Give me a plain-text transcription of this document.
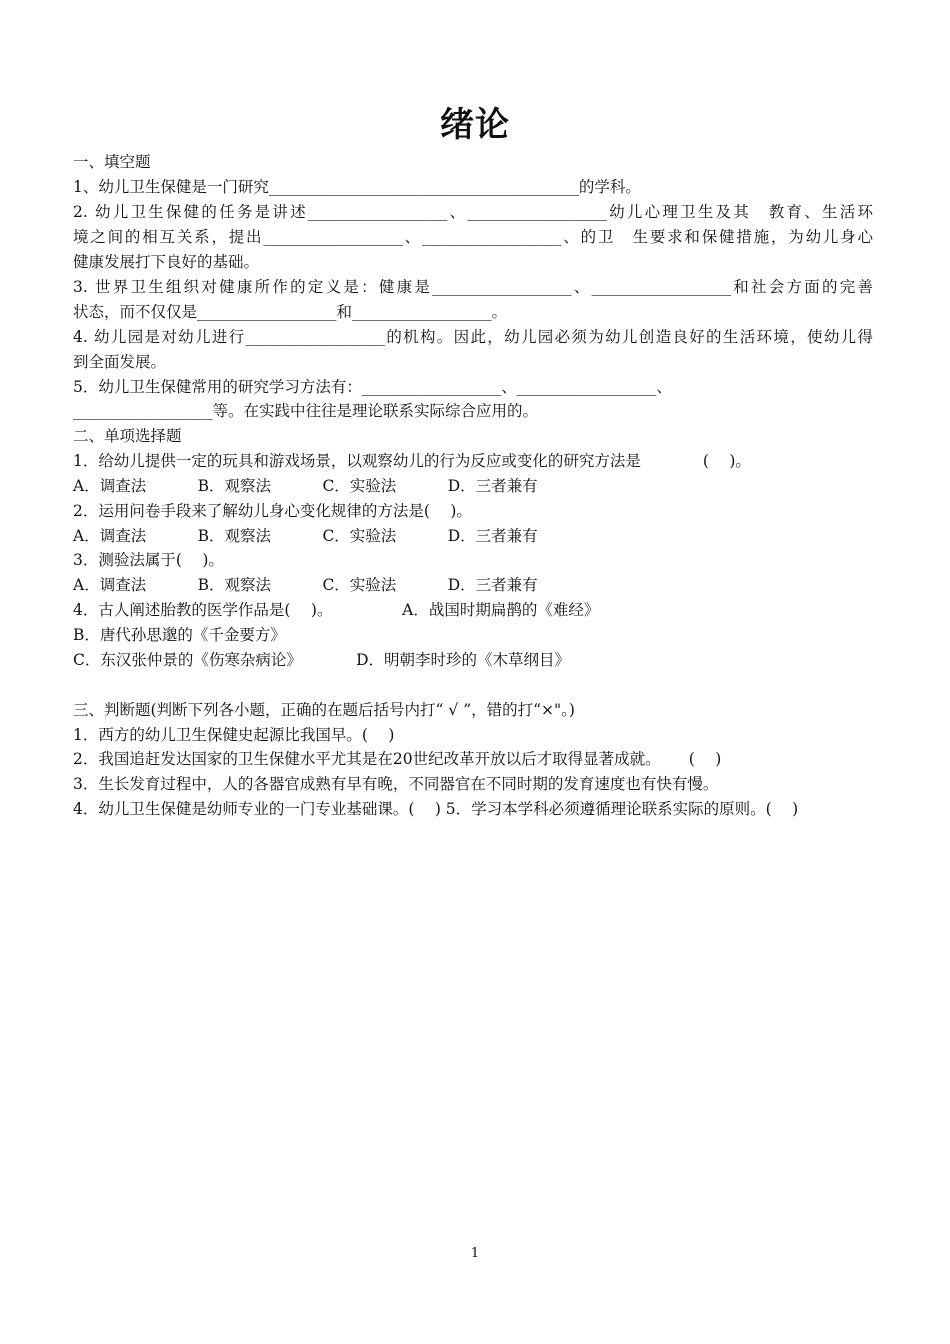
绪论
一、填空题
1、幼儿卫生保健是一门研究________________________________________的学科。
2. 幼儿卫生保健的任务是讲述__________________、__________________幼儿心理卫生及其　教育、生活环
境之间的相互关系，提出__________________、__________________、的卫　生要求和保健措施，为幼儿身心
健康发展打下良好的基础。
3. 世界卫生组织对健康所作的定义是：健康是__________________、__________________和社会方面的完善
状态，而不仅仅是__________________和__________________。
4. 幼儿园是对幼儿进行__________________的机构。因此，幼儿园必须为幼儿创造良好的生活环境，使幼儿得
到全面发展。
5．幼儿卫生保健常用的研究学习方法有：__________________、__________________、
__________________等。在实践中往往是理论联系实际综合应用的。
二、单项选择题
1．给幼儿提供一定的玩具和游戏场景，以观察幼儿的行为反应或变化的研究方法是　　　　( 　)。
A．调查法　　　 B．观察法　　　 C．实验法　　　 D．三者兼有
2．运用问卷手段来了解幼儿身心变化规律的方法是( 　)。
A．调查法　　　 B．观察法　　　 C．实验法　　　 D．三者兼有
3．测验法属于( 　)。
A．调查法　　　 B．观察法　　　 C．实验法　　　 D．三者兼有
4．古人阐述胎教的医学作品是( 　)。　　　　　A．战国时期扁鹊的《难经》
B．唐代孙思邈的《千金要方》
C．东汉张仲景的《伤寒杂病论》　　　　D．明朝李时珍的《木草纲目》
三、判断题(判断下列各小题，正确的在题后括号内打“ √ ”，错的打“×"。)
1．西方的幼儿卫生保健史起源比我国早。( 　)
2．我国追赶发达国家的卫生保健水平尤其是在20世纪改革开放以后才取得显著成就。　　 ( 　)
3．生长发育过程中，人的各器官成熟有早有晚，不同器官在不同时期的发育速度也有快有慢。
4．幼儿卫生保健是幼师专业的一门专业基础课。( 　) 5．学习本学科必须遵循理论联系实际的原则。( 　)
1
